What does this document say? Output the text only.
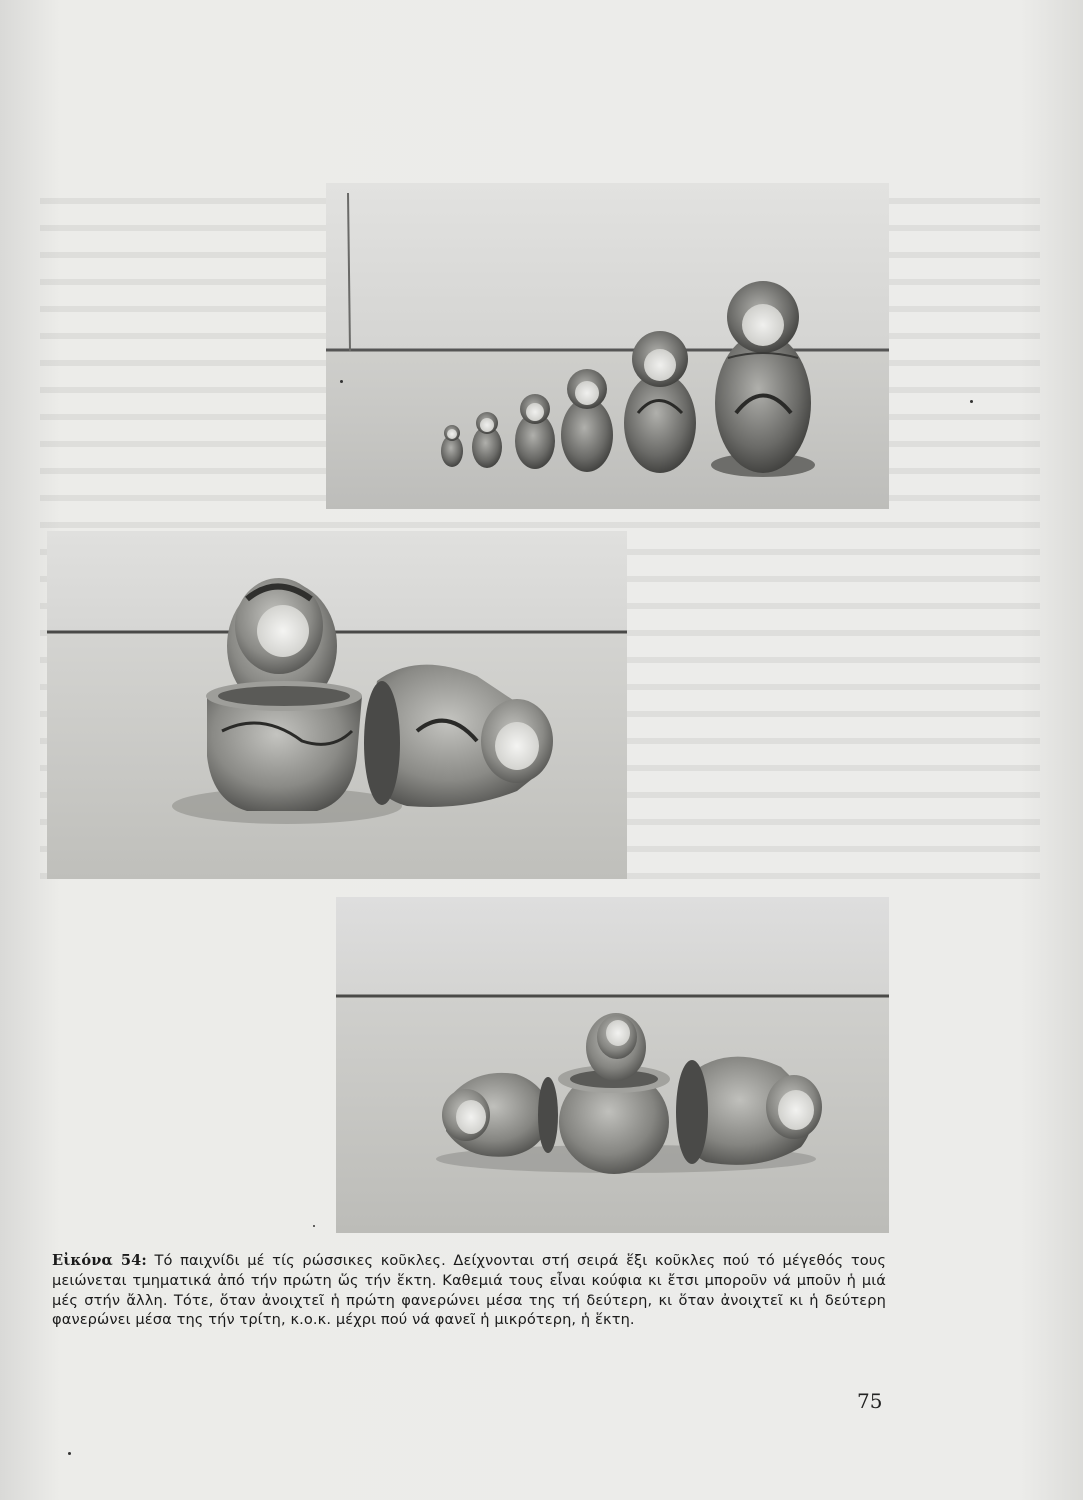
Εἰκόνα 54: Τό παιχνίδι μέ τίς ρώσσικες κοῦκλες. Δείχνονται στή σειρά ἕξι κοῦκλες πού τό μέγεθός τους μειώνεται τμηματικά ἀπό τήν πρώτη ὥς τήν ἕκτη. Καθεμιά τους εἶναι κούφια κι ἔτσι μποροῦν νά μποῦν ἡ μιά μές στήν ἄλλη. Τότε, ὅταν ἀνοιχτεῖ ἡ πρώτη φανερώνει μέσα της τή δεύτερη, κι ὅταν ἀνοιχτεῖ κι ἡ δεύτερη φανερώνει μέσα της τήν τρίτη, κ.ο.κ. μέχρι πού νά φανεῖ ἡ μικρότερη, ἡ ἕκτη.
75
